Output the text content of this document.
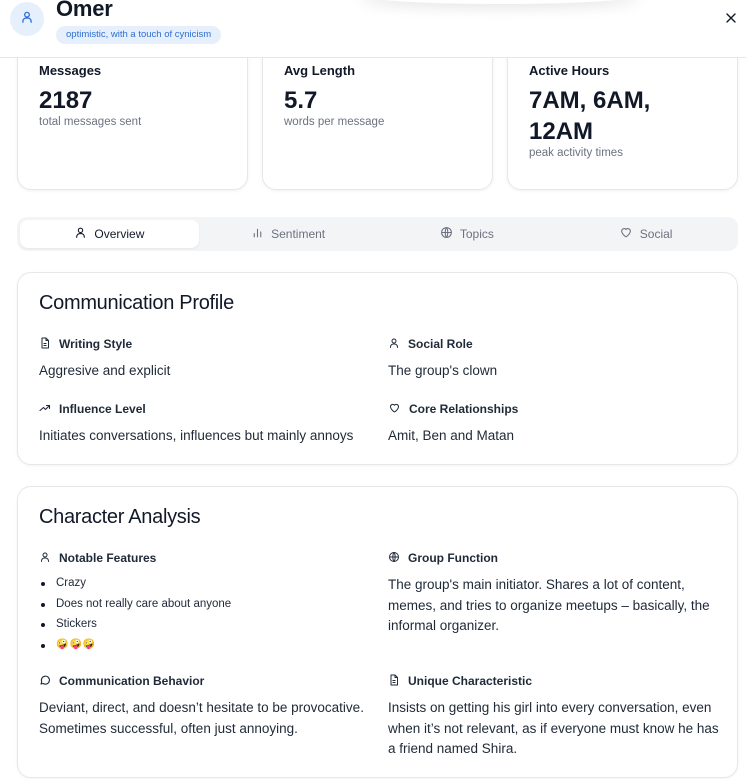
Messages
2187
total messages sent
Avg Length
5.7
words per message
Active Hours
7AM, 6AM,
12AM
peak activity times
Omer
optimistic, with a touch of cynicism
Overview	Sentiment	Topics	Social
Communication Profile
Writing Style
Aggresive and explicit
Social Role
The group's clown
Influence Level
Initiates conversations, influences but mainly annoys
Core Relationships
Amit, Ben and Matan
Character Analysis
Notable Features
Crazy
Does not really care about anyone
Stickers
🤪🤪🤪
Group Function
The group's main initiator. Shares a lot of content, memes, and tries to organize meetups – basically, the informal organizer.
Communication Behavior
Deviant, direct, and doesn’t hesitate to be provocative. Sometimes successful, often just annoying.
Unique Characteristic
Insists on getting his girl into every conversation, even when it’s not relevant, as if everyone must know he has a friend named Shira.
